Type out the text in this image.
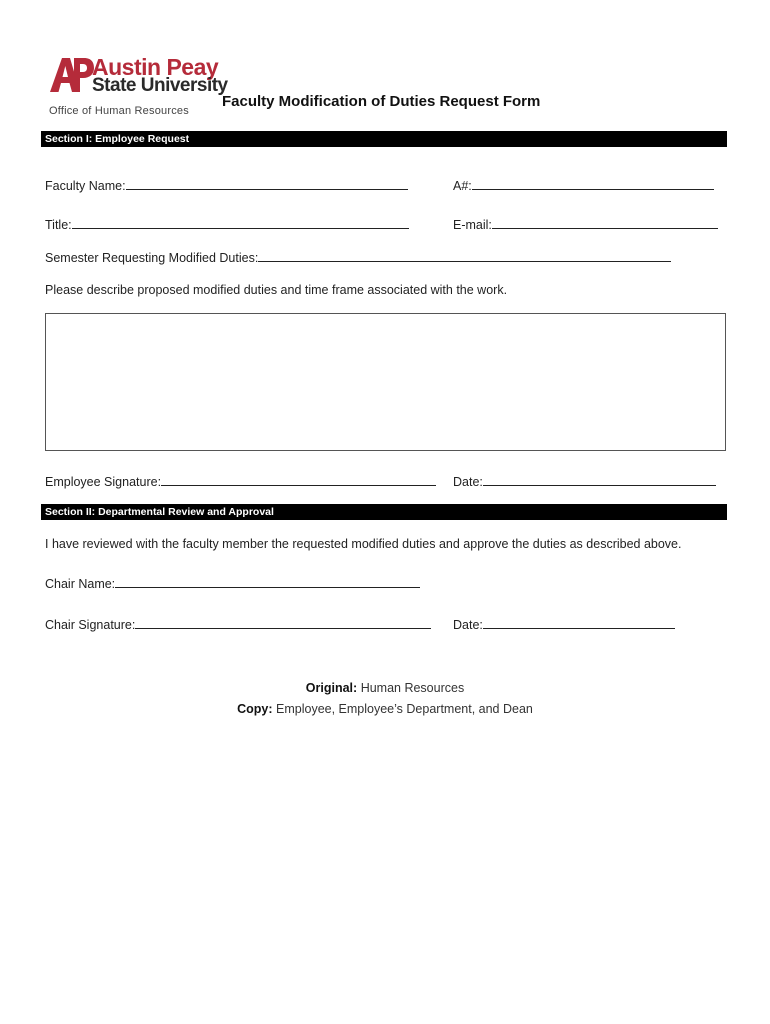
Austin Peay
State University
Office of Human Resources
Faculty Modification of Duties Request Form
Section I: Employee Request
Faculty Name:	A#:
Title:	E-mail:
Semester Requesting Modified Duties:
Please describe proposed modified duties and time frame associated with the work.
Employee Signature:	Date:
Section II: Departmental Review and Approval
I have reviewed with the faculty member the requested modified duties and approve the duties as described above.
Chair Name:
Chair Signature:	Date:
Original: Human Resources
Copy: Employee, Employee’s Department, and Dean
